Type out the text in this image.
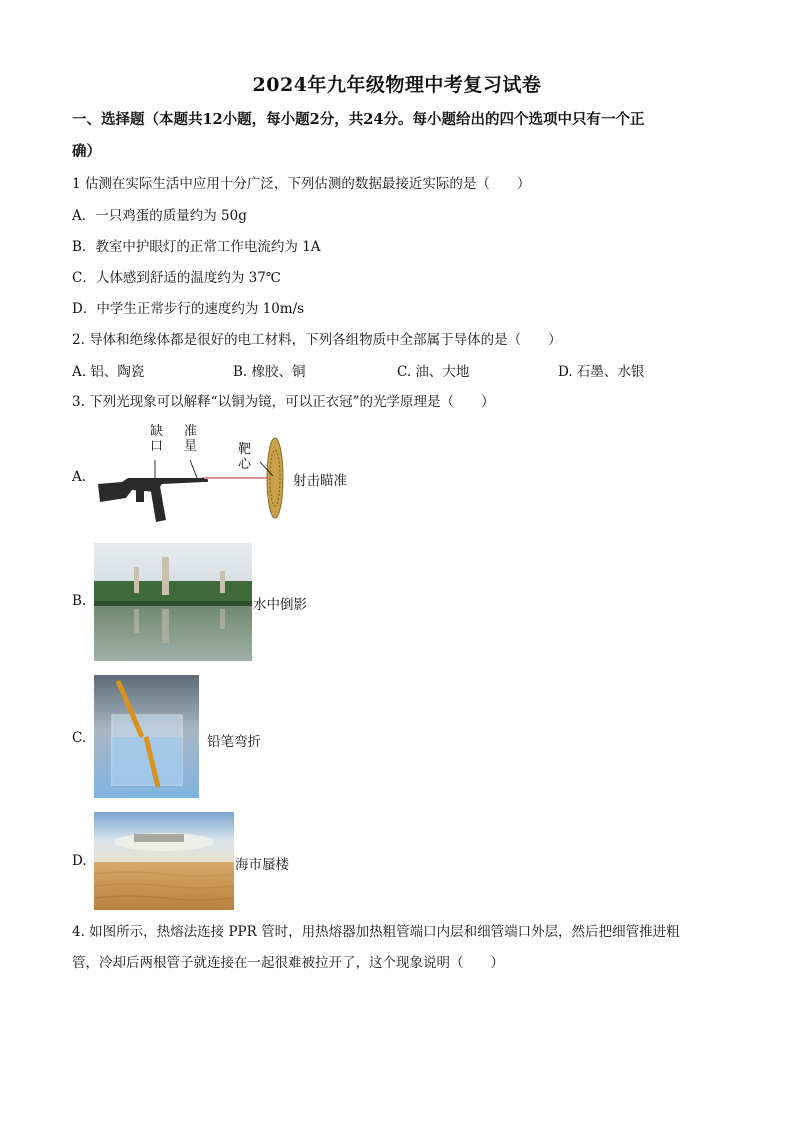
2024年九年级物理中考复习试卷
一、选择题（本题共12小题，每小题2分，共24分。每小题给出的四个选项中只有一个正
确）
1 估测在实际生活中应用十分广泛，下列估测的数据最接近实际的是（　　）
A．一只鸡蛋的质量约为 50g
B．教室中护眼灯的正常工作电流约为 1A
C．人体感到舒适的温度约为 37℃
D．中学生正常步行的速度约为 10m/s
2. 导体和绝缘体都是很好的电工材料，下列各组物质中全部属于导体的是（　　）
A. 铝、陶瓷	B. 橡胶、铜	C. 油、大地	D. 石墨、水银
3. 下列光现象可以解释“以铜为镜，可以正衣冠”的光学原理是（　　）
A.
缺
口
准
星	靶
心
射击瞄准
B.	水中倒影
C.	铅笔弯折
D.	海市蜃楼
4. 如图所示，热熔法连接 PPR 管时，用热熔器加热粗管端口内层和细管端口外层，然后把细管推进粗
管，冷却后两根管子就连接在一起很难被拉开了，这个现象说明（　　）
